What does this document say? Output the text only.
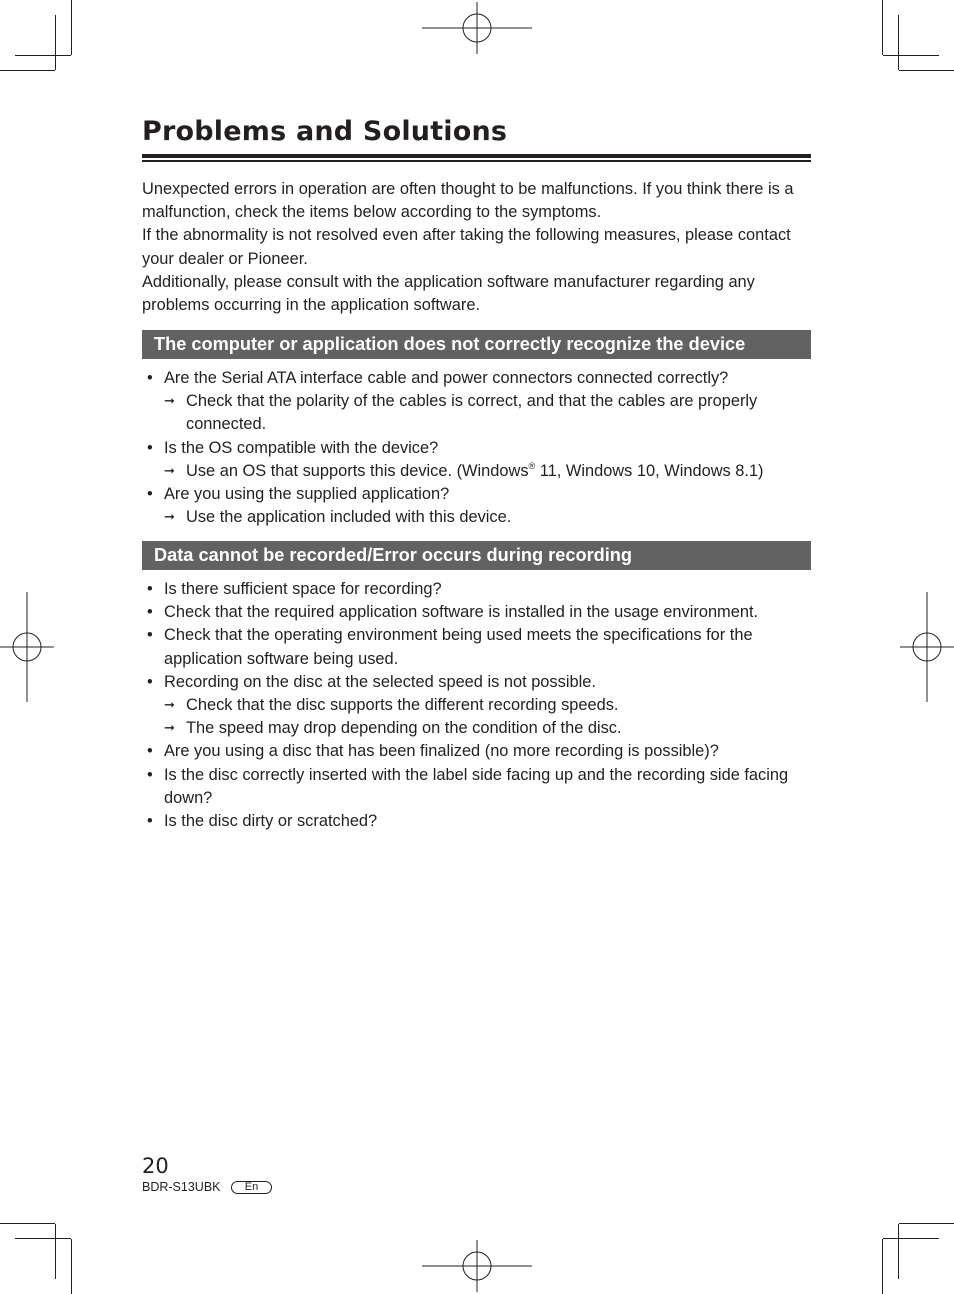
Problems and Solutions

Unexpected errors in operation are often thought to be malfunctions. If you think there is a malfunction, check the items below according to the symptoms.

If the abnormality is not resolved even after taking the following measures, please contact your dealer or Pioneer.

Additionally, please consult with the application software manufacturer regarding any problems occurring in the application software.

The computer or application does not correctly recognize the device
• Are the Serial ATA interface cable and power connectors connected correctly?
➞ Check that the polarity of the cables is correct, and that the cables are properly connected.
• Is the OS compatible with the device?
➞ Use an OS that supports this device. (Windows® 11, Windows 10, Windows 8.1)
• Are you using the supplied application?
➞ Use the application included with this device.
Data cannot be recorded/Error occurs during recording
• Is there sufficient space for recording?
• Check that the required application software is installed in the usage environment.
• Check that the operating environment being used meets the specifications for the application software being used.
• Recording on the disc at the selected speed is not possible.
➞ Check that the disc supports the different recording speeds.
➞ The speed may drop depending on the condition of the disc.
• Are you using a disc that has been finalized (no more recording is possible)?
• Is the disc correctly inserted with the label side facing up and the recording side facing down?
• Is the disc dirty or scratched?
20
BDR-S13UBK	En
